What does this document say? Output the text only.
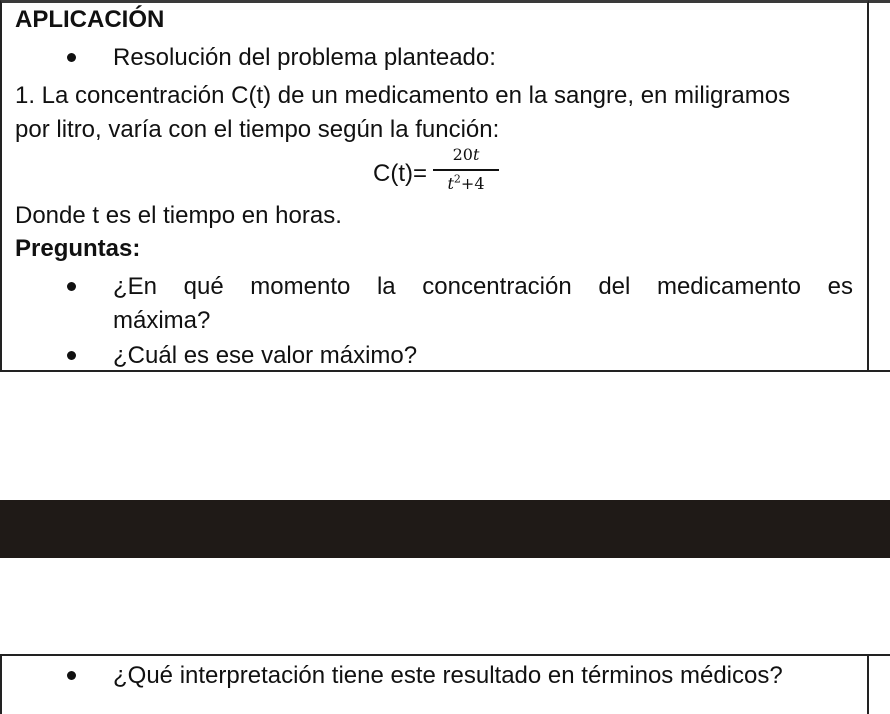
APLICACIÓN
Resolución del problema planteado:
1. La concentración C(t) de un medicamento en la sangre, en miligramos
por litro, varía con el tiempo según la función:
C(t)=
20t
$t^2+4$
Donde t es el tiempo en horas.
Preguntas:
¿En qué momento la concentración del medicamento es
máxima?
¿Cuál es ese valor máximo?
¿Qué interpretación tiene este resultado en términos médicos?
